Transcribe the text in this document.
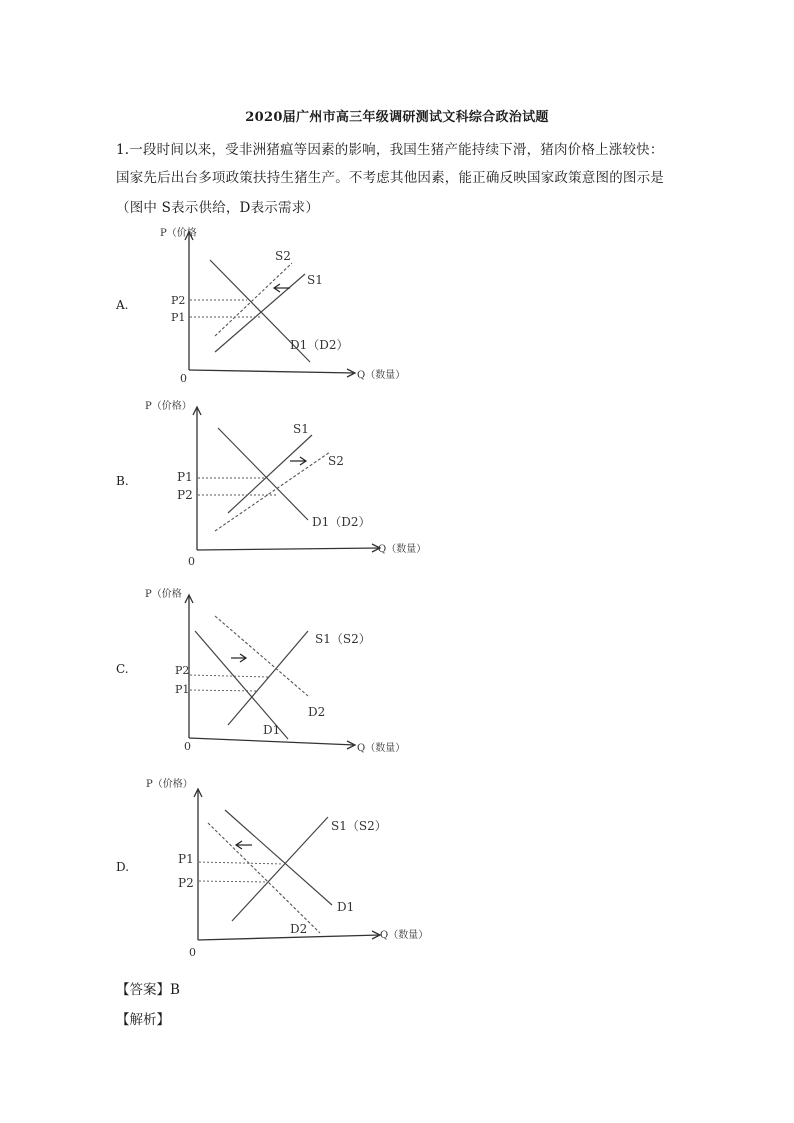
2020届广州市高三年级调研测试文科综合政治试题
1.一段时间以来，受非洲猪瘟等因素的影响，我国生猪产能持续下滑，猪肉价格上涨较快：
国家先后出台多项政策扶持生猪生产。不考虑其他因素，能正确反映国家政策意图的图示是
（图中 S表示供给，D表示需求）
A.
P（价格
Q（数量）
0
P2
P1
S2
S1
D1（D2）
B.
P（价格）
Q（数量）
0
P1
P2
S1
S2
D1（D2）
C.
P（价格
Q（数量）
0
P2
P1
S1（S2）
D2
D1
D.
P（价格）
Q（数量）
0
P1
P2
S1（S2）
D1
D2
【答案】B
【解析】
